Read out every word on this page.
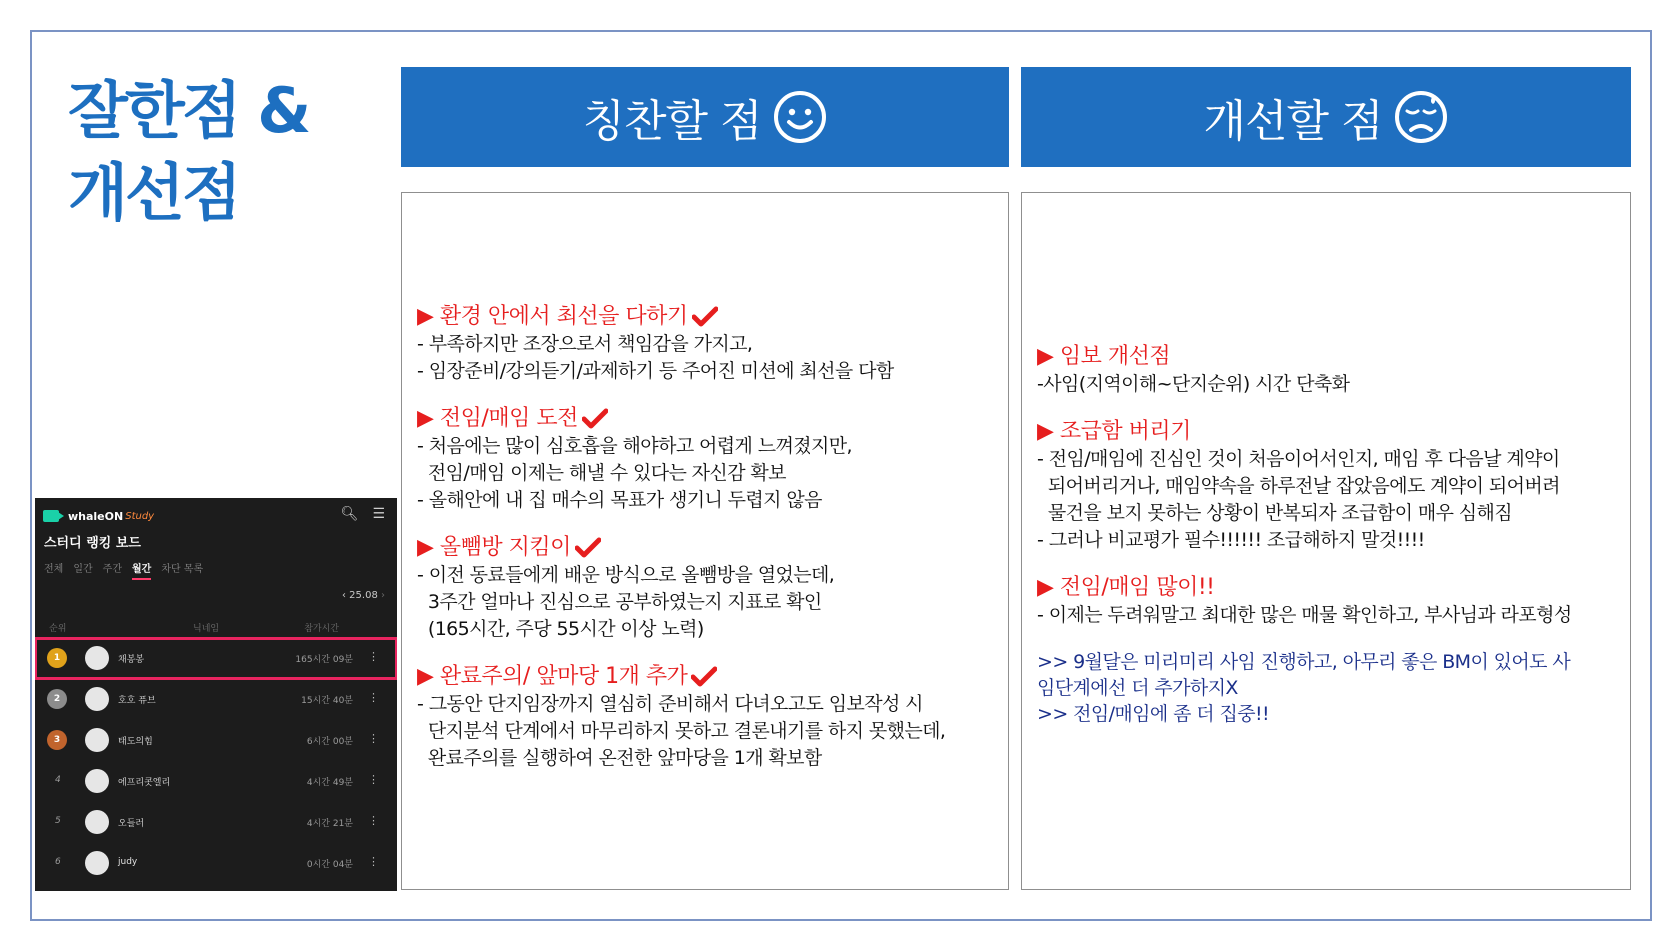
잘한점 &
개선점
whaleON Study	🔍︎ ☰
스터디 랭킹 보드
전체 일간 주간 월간 차단 목록
‹ 25.08 ›
순위	닉네임	참가시간
1	채봉봉	165시간 09분 ⋮
2	호호 퓨브	15시간 40분 ⋮
3	태도의힘	6시간 00분 ⋮
4	에프리콧엘리	4시간 49분 ⋮
5	오들러	4시간 21분 ⋮
6	judy	0시간 04분 ⋮
칭찬할 점
▶ 환경 안에서 최선을 다하기
- 부족하지만 조장으로서 책임감을 가지고,
- 임장준비/강의듣기/과제하기 등 주어진 미션에 최선을 다함
▶ 전임/매임 도전
- 처음에는 많이 심호흡을 해야하고 어렵게 느껴졌지만,
전임/매임 이제는 해낼 수 있다는 자신감 확보
- 올해안에 내 집 매수의 목표가 생기니 두렵지 않음
▶ 올뺌방 지킴이
- 이전 동료들에게 배운 방식으로 올뺌방을 열었는데,
3주간 얼마나 진심으로 공부하였는지 지표로 확인
(165시간, 주당 55시간 이상 노력)
▶ 완료주의/ 앞마당 1개 추가
- 그동안 단지임장까지 열심히 준비해서 다녀오고도 임보작성 시
단지분석 단계에서 마무리하지 못하고 결론내기를 하지 못했는데,
완료주의를 실행하여 온전한 앞마당을 1개 확보함
개선할 점
▶ 임보 개선점
-사임(지역이해~단지순위) 시간 단축화
▶ 조급함 버리기
- 전임/매임에 진심인 것이 처음이어서인지, 매임 후 다음날 계약이
되어버리거나, 매임약속을 하루전날 잡았음에도 계약이 되어버려
물건을 보지 못하는 상황이 반복되자 조급함이 매우 심해짐
- 그러나 비교평가 필수!!!!!! 조급해하지 말것!!!!
▶ 전임/매임 많이!!
- 이제는 두려워말고 최대한 많은 매물 확인하고, 부사님과 라포형성
>> 9월달은 미리미리 사임 진행하고, 아무리 좋은 BM이 있어도 사
임단계에선 더 추가하지X
>> 전임/매임에 좀 더 집중!!
